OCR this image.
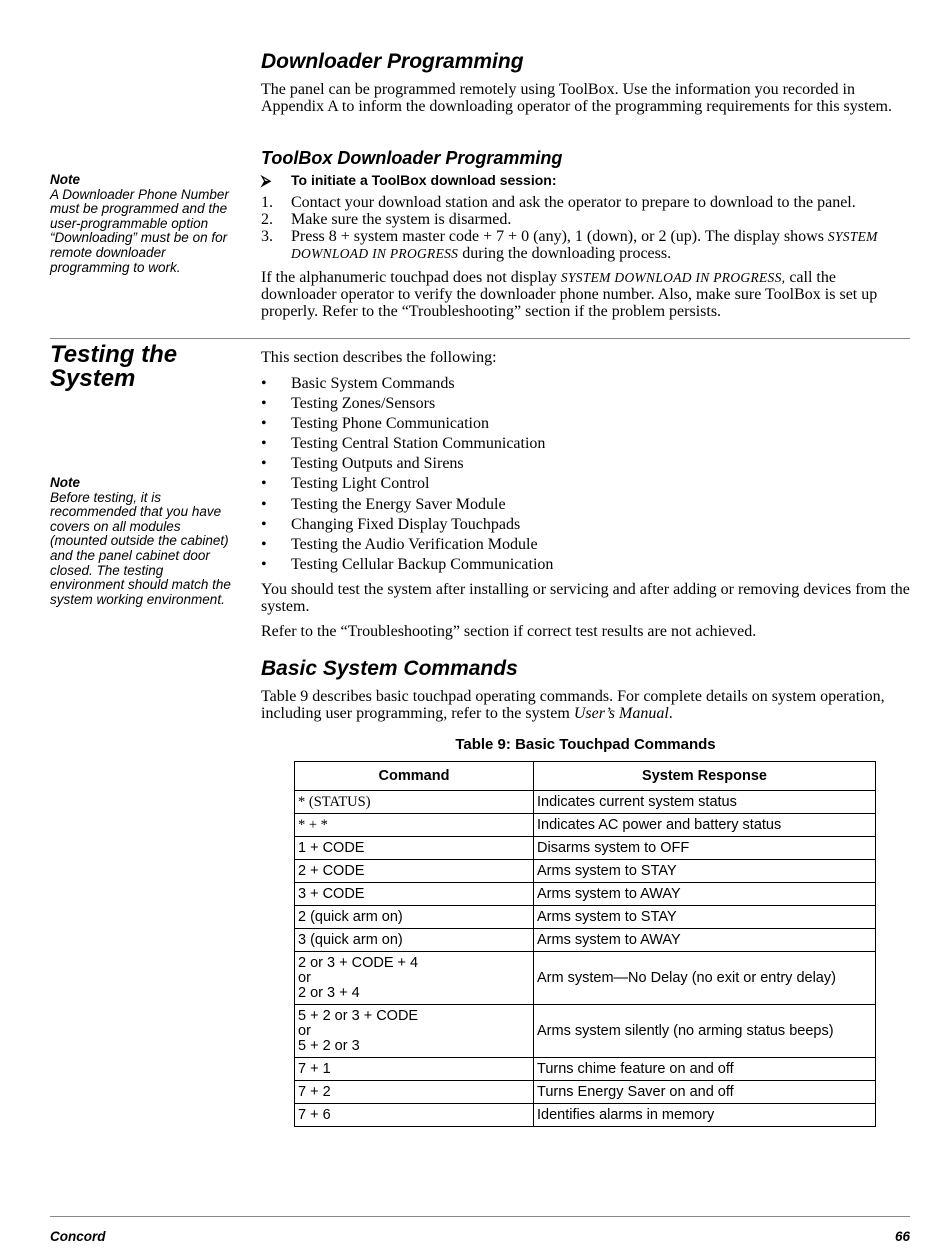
Downloader Programming

The panel can be programmed remotely using ToolBox. Use the information you recorded in Appendix A to inform the downloading operator of the programming requirements for this system.

ToolBox Downloader Programming
Note
A Downloader Phone Number must be programmed and the user-programmable option “Downloading” must be on for remote downloader programming to work.
⮚ To initiate a ToolBox download session:
1. Contact your download station and ask the operator to prepare to download to the panel.
2. Make sure the system is disarmed.
3. Press 8 + system master code + 7 + 0 (any), 1 (down), or 2 (up). The display shows SYSTEM DOWNLOAD IN PROGRESS during the downloading process.

If the alphanumeric touchpad does not display SYSTEM DOWNLOAD IN PROGRESS, call the downloader operator to verify the downloader phone number. Also, make sure ToolBox is set up properly. Refer to the “Troubleshooting” section if the problem persists.

Testing the System

This section describes the following:

• Basic System Commands
• Testing Zones/Sensors
• Testing Phone Communication
• Testing Central Station Communication
• Testing Outputs and Sirens
• Testing Light Control
• Testing the Energy Saver Module
• Changing Fixed Display Touchpads
• Testing the Audio Verification Module
• Testing Cellular Backup Communication
Note
Before testing, it is recommended that you have covers on all modules (mounted outside the cabinet) and the panel cabinet door closed. The testing environment should match the system working environment.

You should test the system after installing or servicing and after adding or removing devices from the system.

Refer to the “Troubleshooting” section if correct test results are not achieved.

Basic System Commands

Table 9 describes basic touchpad operating commands. For complete details on system operation, including user programming, refer to the system User’s Manual.

Table 9: Basic Touchpad Commands
Command	System Response
* (STATUS)	Indicates current system status
* + *	Indicates AC power and battery status
1 + CODE	Disarms system to OFF
2 + CODE	Arms system to STAY
3 + CODE	Arms system to AWAY
2 (quick arm on)	Arms system to STAY
3 (quick arm on)	Arms system to AWAY

2 or 3 + CODE + 4
or
2 or 3 + 4	Arm system—No Delay (no exit or entry delay)

5 + 2 or 3 + CODE
or
5 + 2 or 3	Arms system silently (no arming status beeps)
7 + 1	Turns chime feature on and off
7 + 2	Turns Energy Saver on and off
7 + 6	Identifies alarms in memory
Concord	66
